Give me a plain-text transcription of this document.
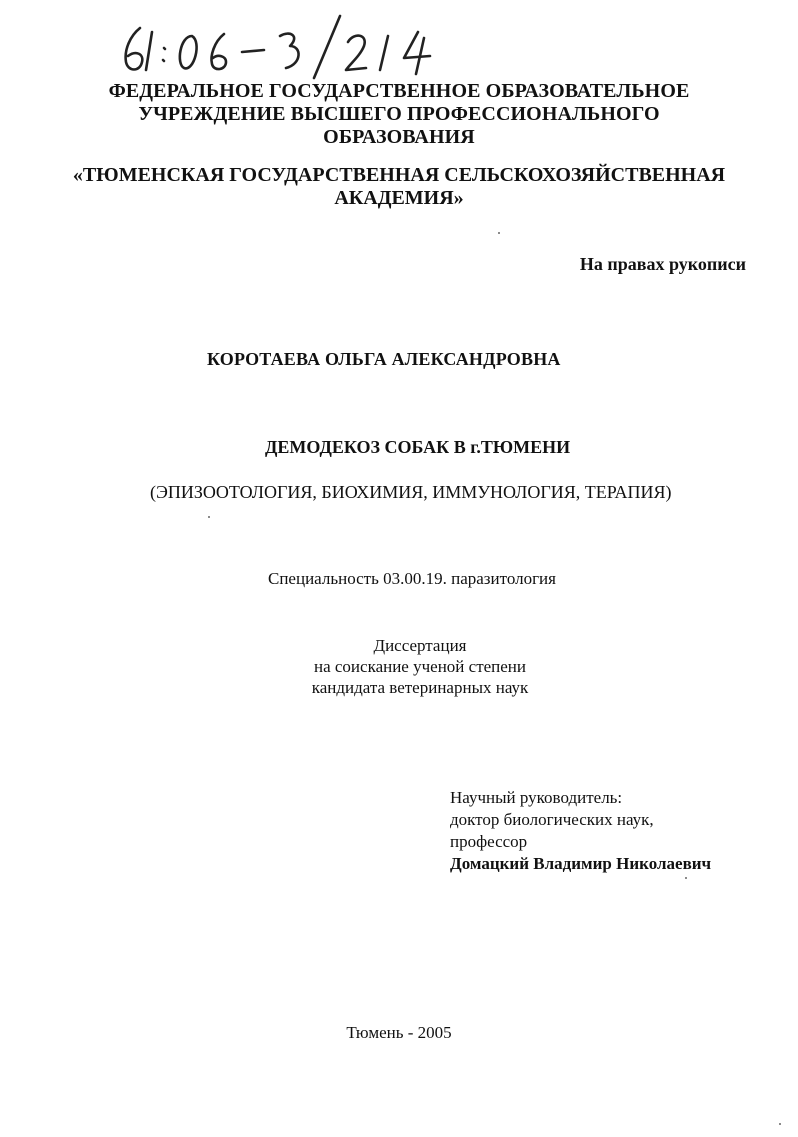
ФЕДЕРАЛЬНОЕ ГОСУДАРСТВЕННОЕ ОБРАЗОВАТЕЛЬНОЕ
УЧРЕЖДЕНИЕ ВЫСШЕГО ПРОФЕССИОНАЛЬНОГО
ОБРАЗОВАНИЯ
«ТЮМЕНСКАЯ ГОСУДАРСТВЕННАЯ СЕЛЬСКОХОЗЯЙСТВЕННАЯ
АКАДЕМИЯ»
На правах рукописи
КОРОТАЕВА ОЛЬГА АЛЕКСАНДРОВНА
ДЕМОДЕКОЗ СОБАК В г.ТЮМЕНИ
(ЭПИЗООТОЛОГИЯ, БИОХИМИЯ, ИММУНОЛОГИЯ, ТЕРАПИЯ)
Специальность 03.00.19. паразитология
Диссертация
на соискание ученой степени
кандидата ветеринарных наук
Научный руководитель:
доктор биологических наук,
профессор
Домацкий Владимир Николаевич
Тюмень - 2005
